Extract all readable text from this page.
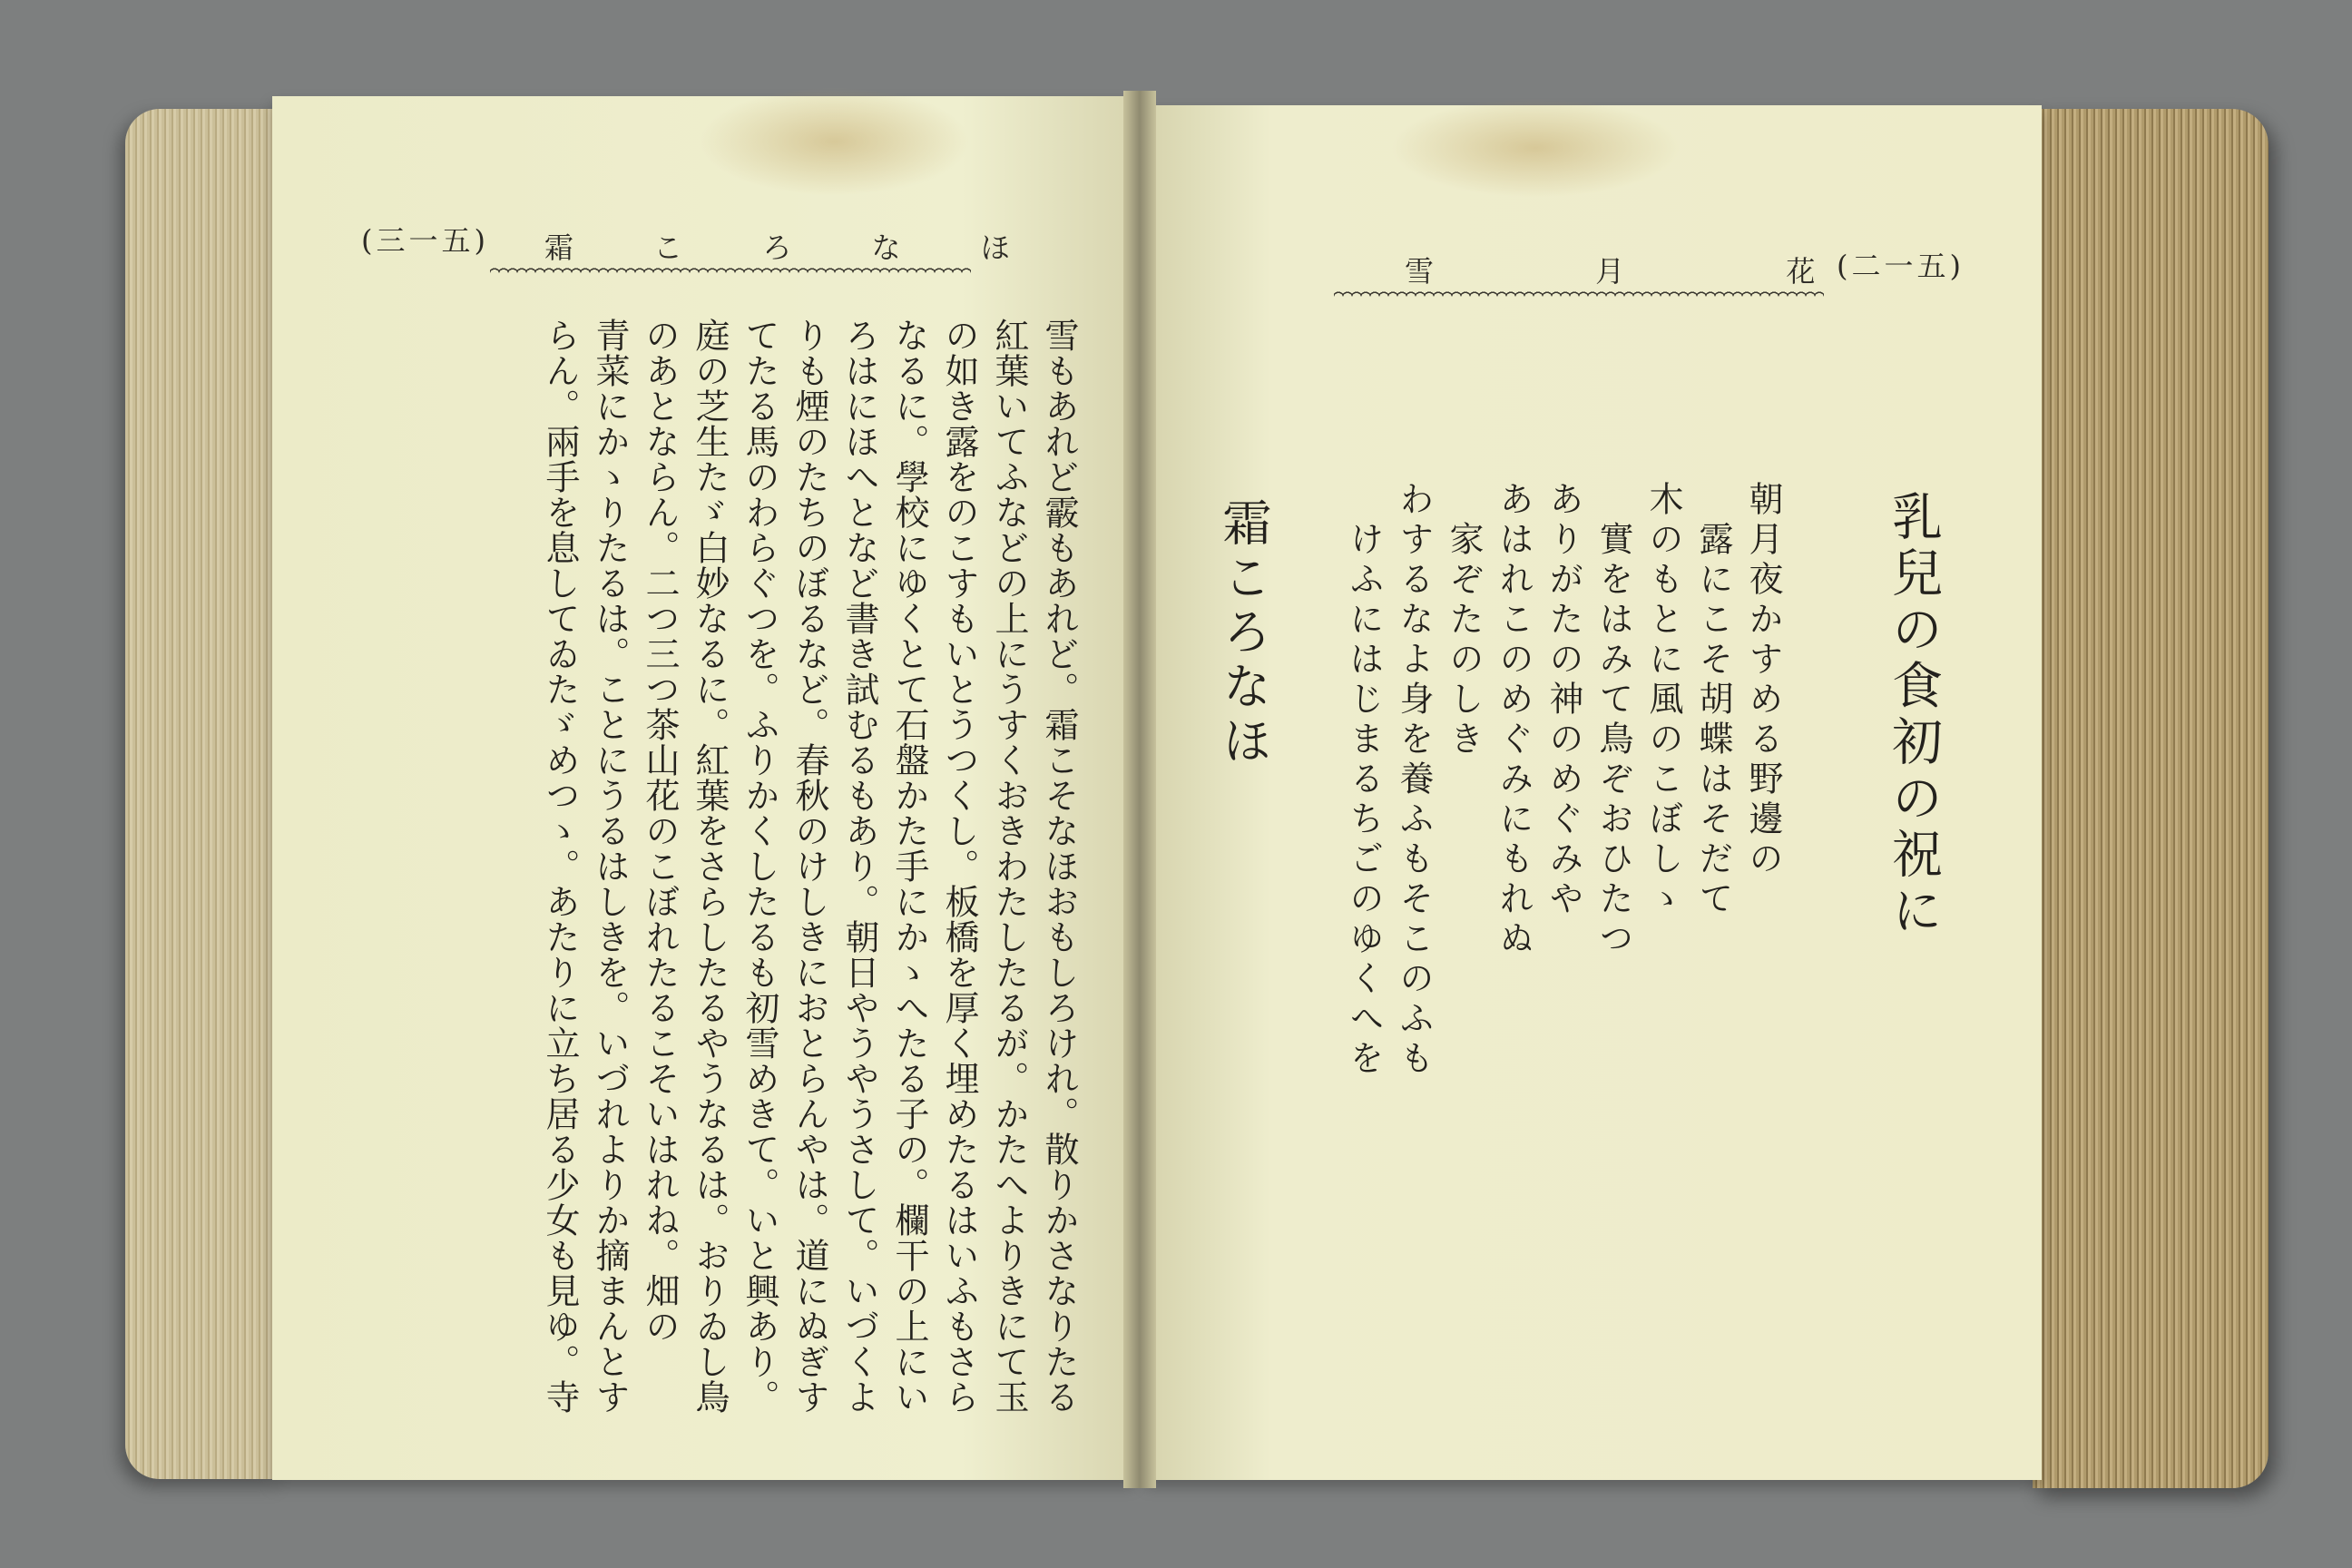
(三一五) 霜 こ ろ な ほ
雪 月 花 (二一五)
雪もあれど霰もあれど。霜こそなほおもしろけれ。散りかさなりたる
紅葉いてふなどの上にうすくおきわたしたるが。かたへよりきにて玉
の如き露をのこすもいとうつくし。板橋を厚く埋めたるはいふもさら
なるに。學校にゆくとて石盤かた手にかゝへたる子の。欄干の上にい
ろはにほへとなど書き試むるもあり。朝日やうやうさして。いづくよ
りも煙のたちのぼるなど。春秋のけしきにおとらんやは。道にぬぎす
てたる馬のわらぐつを。ふりかくしたるも初雪めきて。いと興あり。
庭の芝生たゞ白妙なるに。紅葉をさらしたるやうなるは。おりゐし鳥
のあとならん。二つ三つ茶山花のこぼれたるこそいはれね。畑の
青菜にかゝりたるは。ことにうるはしきを。いづれよりか摘まんとす
らん。兩手を息してゐたゞめつゝ。あたりに立ち居る少女も見ゆ。寺	乳兒の食初の祝に
朝月夜かすめる野邊の
　露にこそ胡蝶はそだて
木のもとに風のこぼしゝ
　實をはみて鳥ぞおひたつ
ありがたの神のめぐみや
あはれこのめぐみにもれぬ
　家ぞたのしき
わするなよ身を養ふもそこのふも
　けふにはじまるちごのゆくへを
霜ころなほ
